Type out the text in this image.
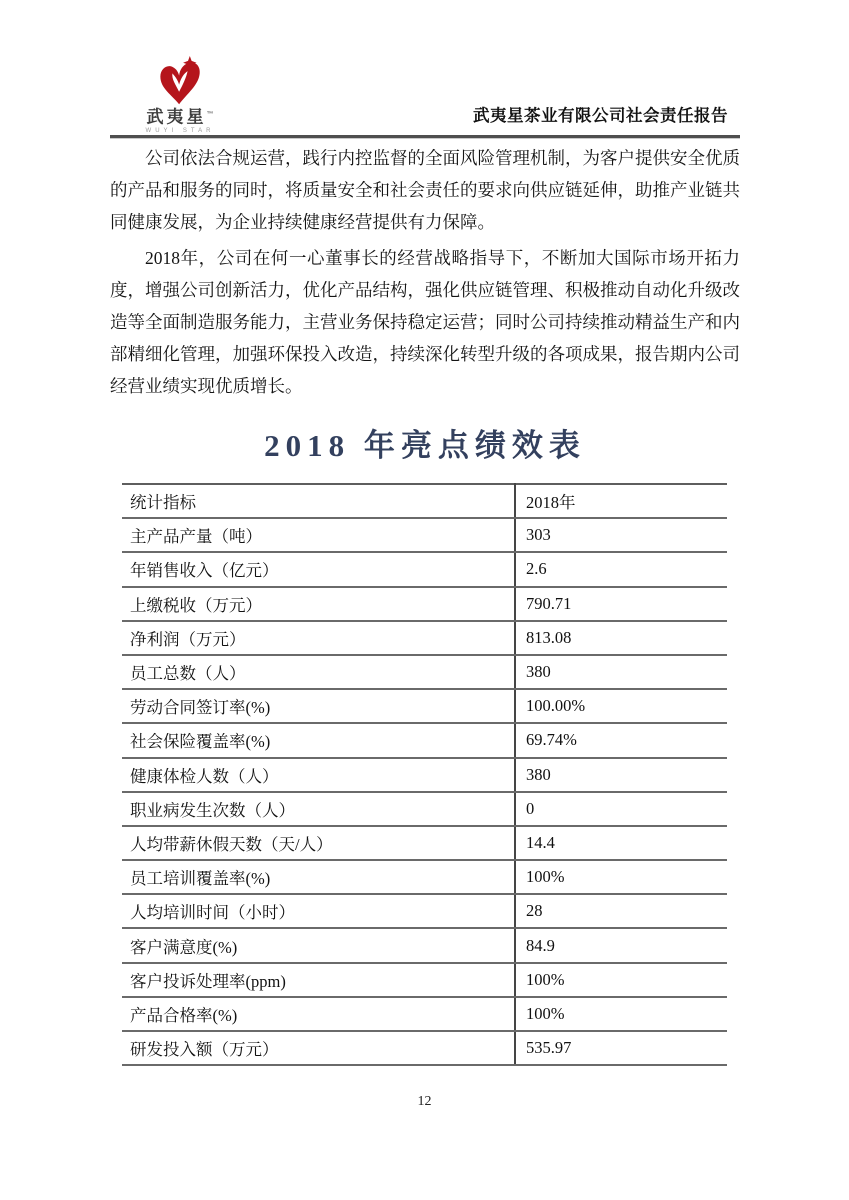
武夷星™
WUYI STAR
武夷星茶业有限公司社会责任报告

公司依法合规运营，践行内控监督的全面风险管理机制，为客户提供安全优质的产品和服务的同时，将质量安全和社会责任的要求向供应链延伸，助推产业链共同健康发展，为企业持续健康经营提供有力保障。

2018年，公司在何一心董事长的经营战略指导下，不断加大国际市场开拓力度，增强公司创新活力，优化产品结构，强化供应链管理、积极推动自动化升级改造等全面制造服务能力，主营业务保持稳定运营；同时公司持续推动精益生产和内部精细化管理，加强环保投入改造，持续深化转型升级的各项成果，报告期内公司经营业绩实现优质增长。

2018 年亮点绩效表
统计指标	2018年
主产品产量（吨）	303
年销售收入（亿元）	2.6
上缴税收（万元）	790.71
净利润（万元）	813.08
员工总数（人）	380
劳动合同签订率(%)	100.00%
社会保险覆盖率(%)	69.74%
健康体检人数（人）	380
职业病发生次数（人）	0
人均带薪休假天数（天/人）	14.4
员工培训覆盖率(%)	100%
人均培训时间（小时）	28
客户满意度(%)	84.9
客户投诉处理率(ppm)	100%
产品合格率(%)	100%
研发投入额（万元）	535.97
12
